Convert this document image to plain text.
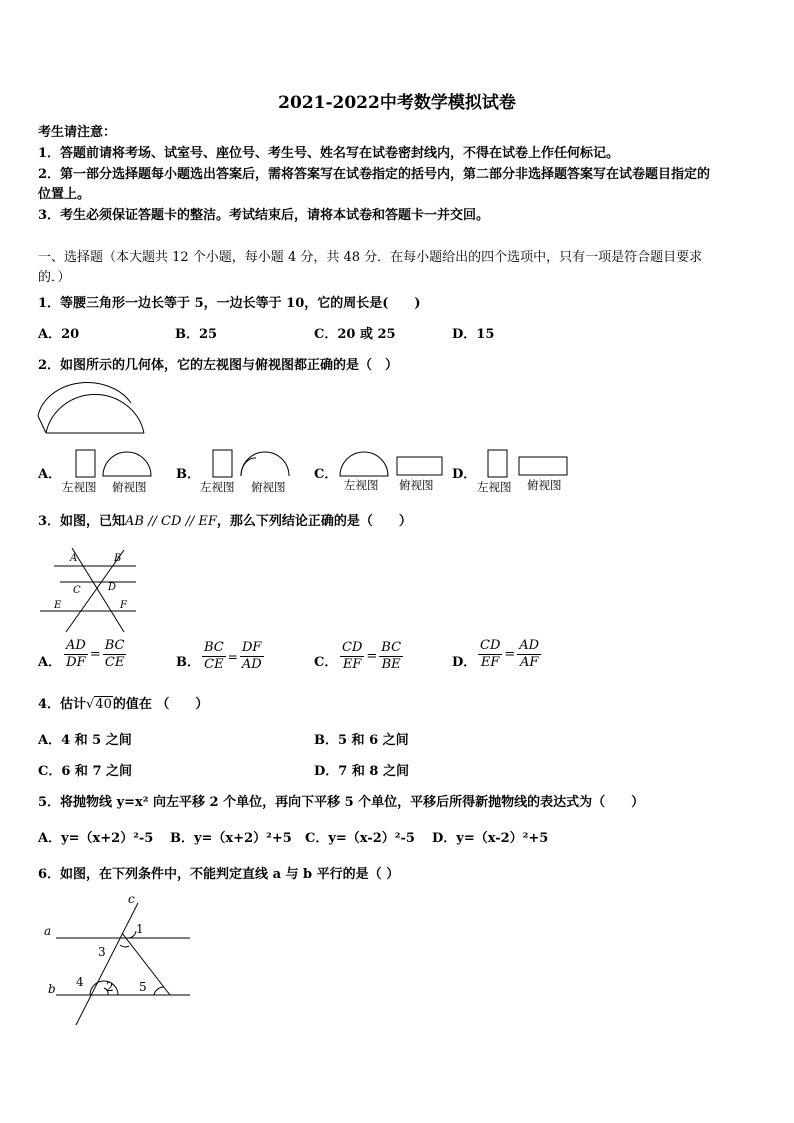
2021-2022中考数学模拟试卷
考生请注意：
1．答题前请将考场、试室号、座位号、考生号、姓名写在试卷密封线内，不得在试卷上作任何标记。
2．第一部分选择题每小题选出答案后，需将答案写在试卷指定的括号内，第二部分非选择题答案写在试卷题目指定的
位置上。
3．考生必须保证答题卡的整洁。考试结束后，请将本试卷和答题卡一并交回。
一、选择题（本大题共 12 个小题，每小题 4 分，共 48 分．在每小题给出的四个选项中，只有一项是符合题目要求
的．）
1．等腰三角形一边长等于 5，一边长等于 10，它的周长是(　　)
A．20	B．25	C．20 或 25	D．15
2．如图所示的几何体，它的左视图与俯视图都正确的是（　）
A．
左视图 俯视图
B．
左视图 俯视图
C．
左视图 俯视图
D．
左视图 俯视图
3．如图，已知AB // CD // EF，那么下列结论正确的是（　　）
A	B
C	D
E	F
A． $\frac{AD}{DF} = \frac{BC}{CE}$	B． $\frac{BC}{CE} = \frac{DF}{AD}$	C． $\frac{CD}{EF} = \frac{BC}{BE}$	D． $\frac{CD}{EF} = \frac{AD}{AF}$
4．估计√40的值在 （　　）
A．4 和 5 之间	B．5 和 6 之间
C．6 和 7 之间	D．7 和 8 之间
5．将抛物线 y=x² 向左平移 2 个单位，再向下平移 5 个单位，平移后所得新抛物线的表达式为（　　）
A．y=（x+2）²-5 B．y=（x+2）²+5 C．y=（x-2）²-5 D．y=（x-2）²+5
6．如图，在下列条件中，不能判定直线 a 与 b 平行的是（ ）
c
a
b
1
2
3
4	5
